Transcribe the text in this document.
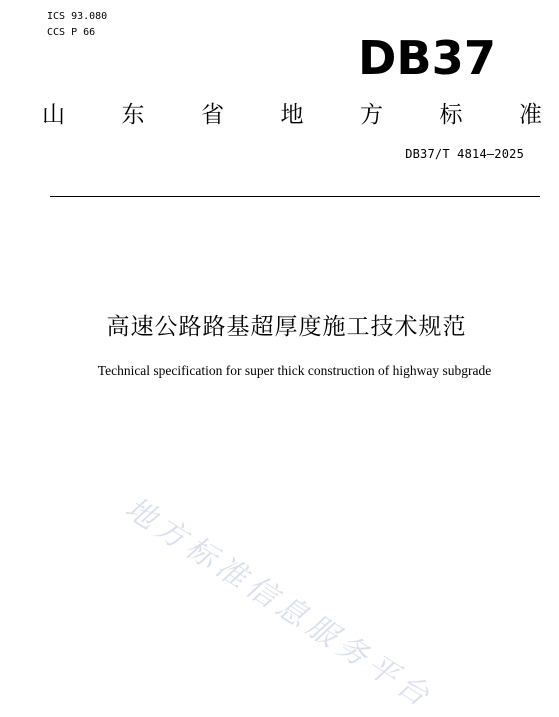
ICS 93.080
CCS P 66	DB37
山 东 省 地 方 标 准
DB37/T 4814—2025
高速公路路基超厚度施工技术规范
Technical specification for super thick construction of highway subgrade
地方标准信息服务平台
